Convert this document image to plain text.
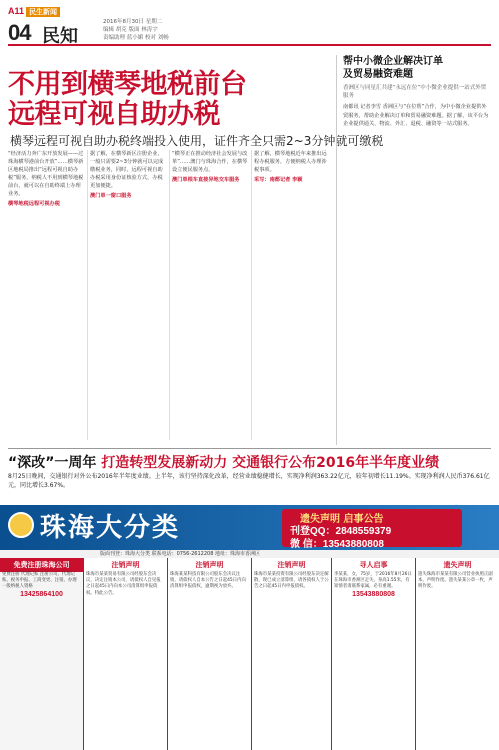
A11 民生新闻
04 民知
2016年8月30日 星期二
编辑 胡克 版面 林涛宇
责编助理 蓝小媚 校对 刘畅
不用到横琴地税前台
远程可视自助办税
横琴远程可视自助办税终端投入使用，证件齐全只需2~3分钟就可缴税
“经济活力奔广东开放发展——过珠海横琴港前台开放”……横琴新区地税局推出“远程可视自助办税”服务，纳税人不用到横琴地税前台，就可以在自助终端上办理业务。
横琴地税远程可视办税
据了解，在横琴新区注册企业，一般只需要2~3分钟就可以完成缴税业务，同时，远程可视自助办税采用身份证核验方式，办税更加便捷。
澳门单一窗口服务
“横琴正在推动经济社会发展与改革”……澳门与珠海合作，在横琴设立便民服务点。
澳门单根车直接异地交车服务
据了解，横琴地税近年来推出远程办税服务，方便纳税人办理涉税事项。
采写：南都记者 李颖
帮中小微企业解决订单
及贸易融资难题
香洲区与同星汇共建“永远在位”中小微企业提供一站式外贸服务
南都讯 记者李雪 香洲区与“在位帮”合作，为中小微企业提供外贸服务，帮助企业解决订单和贸易融资难题。据了解，该平台为企业提供通关、物流、外汇、退税、融资等一站式服务。
“深改”一周年 打造转型发展新动力 交通银行公布2016年半年度业绩
8月25日晚间，交通银行对外公布2016年半年度业绩。上半年，该行坚持深化改革，经营业绩稳健增长，实现净利润363.22亿元，较年初增长11.19%。实现净利润人民币376.61亿元，同比增长3.67%。
珠海大分类	遗失声明 启事公告
刊登QQ：2848559379
微 信：13543880808
版面刊登：珠海大分类 联系电话：0756-2612208 地址：珠海市香洲区
免费注册珠海公司
免费注册 代理记账 注册公司、代理记账、税务申报、工商变更、注销，办理一般纳税人资格
13425864100
注销声明
珠海市某某贸易有限公司经股东会决议，决定注销本公司，请债权人自见报之日起45日内向本公司清算组申报债权。特此公告。
注销声明
珠海某某科技有限公司股东会决议注销，请债权人自本公告之日起45日内向清算组申报债权，逾期视为放弃。
注销声明
珠海市某某投资有限公司经股东决定解散，现已成立清算组，请各债权人于公告之日起45日内申报债权。
寻人启事
李某某，女，75岁，于2016年8月26日在珠海市香洲区走失，身高1.55米，有知情者请联系家属，必有重谢。
13543880808
遗失声明
遗失珠海市某某有限公司营业执照正副本，声明作废。遗失某某公章一枚，声明作废。
